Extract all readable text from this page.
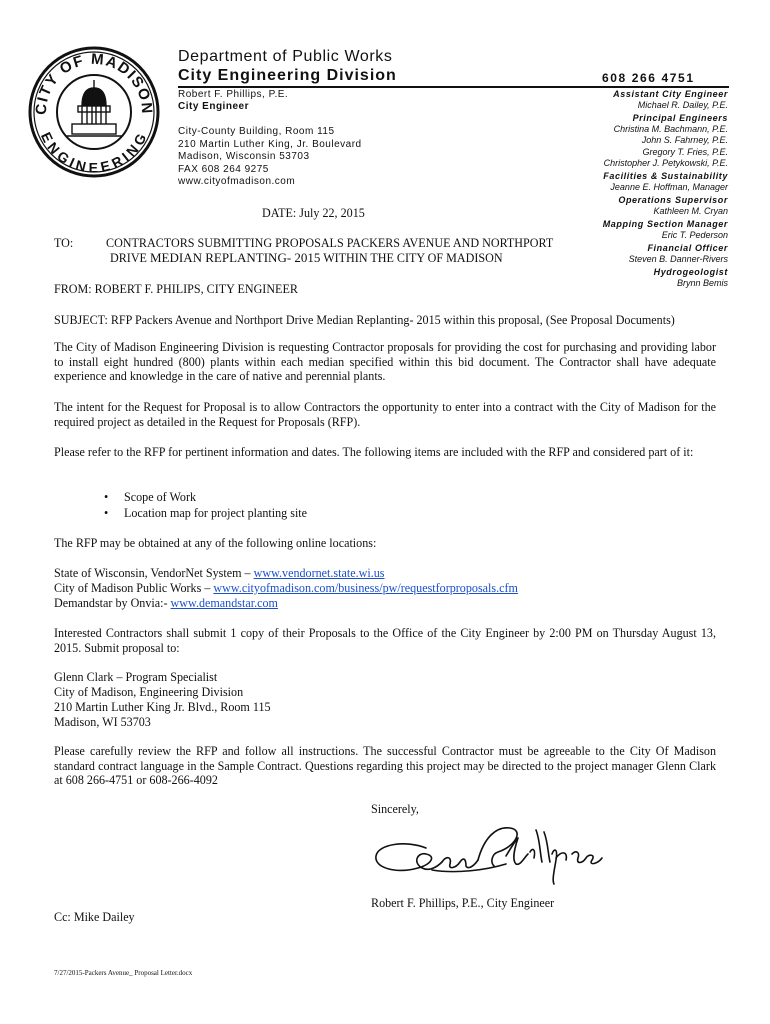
CITY OF MADISON
ENGINEERING
Department of Public Works
City Engineering Division	608 266 4751
Robert F. Phillips, P.E.
City Engineer
City-County Building, Room 115
210 Martin Luther King, Jr. Boulevard
Madison, Wisconsin 53703
FAX 608 264 9275
www.cityofmadison.com
Assistant City Engineer
Michael R. Dailey, P.E.
Principal Engineers
Christina M. Bachmann, P.E.
John S. Fahrney, P.E.
Gregory T. Fries, P.E.
Christopher J. Petykowski, P.E.
Facilities & Sustainability
Jeanne E. Hoffman, Manager
Operations Supervisor
Kathleen M. Cryan
Mapping Section Manager
Eric T. Pederson
Financial Officer
Steven B. Danner-Rivers
Hydrogeologist
Brynn Bemis
DATE: July 22, 2015
TO:	CONTRACTORS SUBMITTING PROPOSALS PACKERS AVENUE AND NORTHPORT
DRIVE MEDIAN REPLANTING- 2015 WITHIN THE CITY OF MADISON
FROM: ROBERT F. PHILIPS, CITY ENGINEER
SUBJECT: RFP Packers Avenue and Northport Drive Median Replanting- 2015 within this proposal, (See Proposal Documents)
The City of Madison Engineering Division is requesting Contractor proposals for providing the cost for purchasing and providing labor to install eight hundred (800) plants within each median specified within this bid document. The Contractor shall have adequate experience and knowledge in the care of native and perennial plants.
The intent for the Request for Proposal is to allow Contractors the opportunity to enter into a contract with the City of Madison for the required project as detailed in the Request for Proposals (RFP).
Please refer to the RFP for pertinent information and dates. The following items are included with the RFP and considered part of it:
• Scope of Work
• Location map for project planting site
The RFP may be obtained at any of the following online locations:
State of Wisconsin, VendorNet System – www.vendornet.state.wi.us
City of Madison Public Works – www.cityofmadison.com/business/pw/requestforproposals.cfm
Demandstar by Onvia:- www.demandstar.com
Interested Contractors shall submit 1 copy of their Proposals to the Office of the City Engineer by 2:00 PM on Thursday August 13, 2015. Submit proposal to:
Glenn Clark – Program Specialist
City of Madison, Engineering Division
210 Martin Luther King Jr. Blvd., Room 115
Madison, WI 53703
Please carefully review the RFP and follow all instructions. The successful Contractor must be agreeable to the City Of Madison standard contract language in the Sample Contract. Questions regarding this project may be directed to the project manager Glenn Clark at 608 266-4751 or 608-266-4092
Sincerely,
Robert F. Phillips, P.E., City Engineer
Cc: Mike Dailey
7/27/2015-Packers Avenue_ Proposal Letter.docx
